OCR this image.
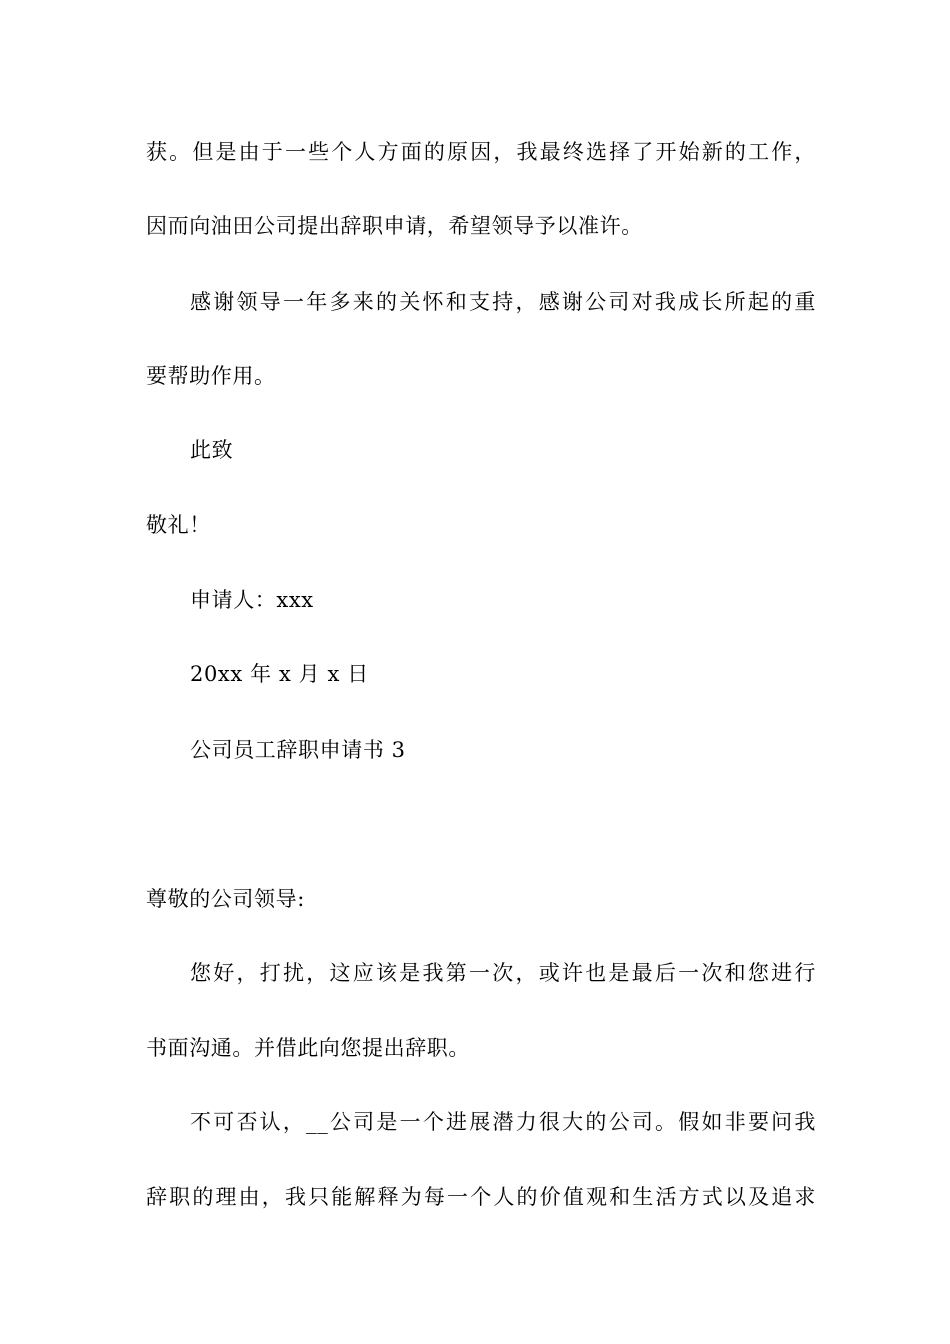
获。但是由于一些个人方面的原因，我最终选择了开始新的工作，
因而向油田公司提出辞职申请，希望领导予以准许。
感谢领导一年多来的关怀和支持，感谢公司对我成长所起的重
要帮助作用。
此致
敬礼！
申请人：xxx
20xx 年 x 月 x 日
公司员工辞职申请书 3
尊敬的公司领导:
您好，打扰，这应该是我第一次，或许也是最后一次和您进行
书面沟通。并借此向您提出辞职。
不可否认，__公司是一个进展潜力很大的公司。假如非要问我
辞职的理由，我只能解释为每一个人的价值观和生活方式以及追求
